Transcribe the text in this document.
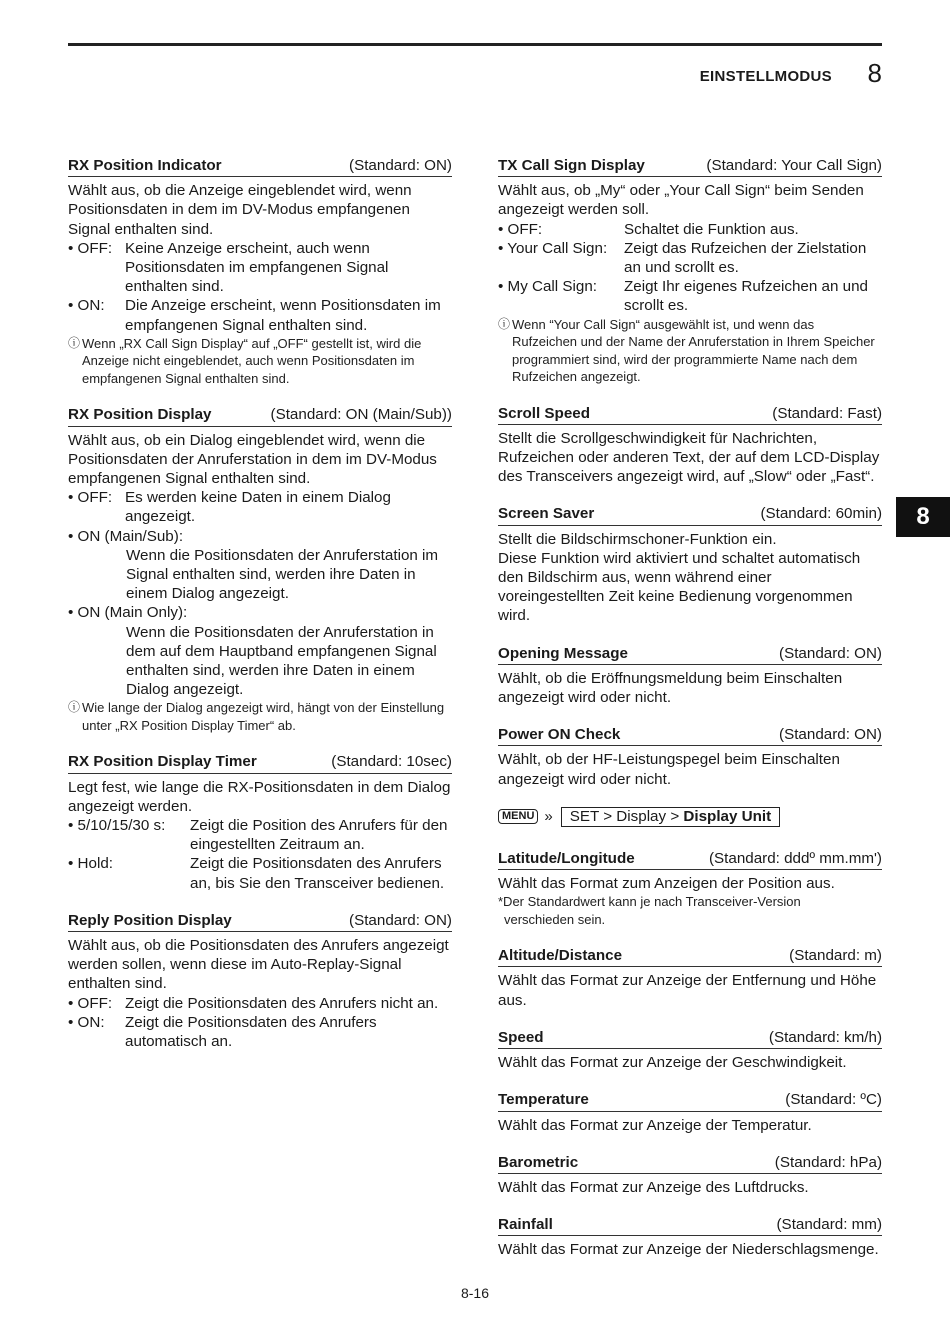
EINSTELLMODUS 8
8
RX Position Indicator	(Standard: ON)

Wählt aus, ob die Anzeige eingeblendet wird, wenn Positionsdaten in dem im DV-Modus empfangenen Signal enthalten sind.

• OFF: Keine Anzeige erscheint, auch wenn Positionsdaten im empfangenen Signal enthalten sind.
• ON:	Die Anzeige erscheint, wenn Positionsdaten im empfangenen Signal enthalten sind.
ⓘ Wenn „RX Call Sign Display“ auf „OFF“ gestellt ist, wird die Anzeige nicht eingeblendet, auch wenn Positionsdaten im empfangenen Signal enthalten sind.
RX Position Display	(Standard: ON (Main/Sub))

Wählt aus, ob ein Dialog eingeblendet wird, wenn die Positionsdaten der Anruferstation in dem im DV-Modus empfangenen Signal enthalten sind.

• OFF: Es werden keine Daten in einem Dialog angezeigt.
• ON (Main/Sub):
Wenn die Positionsdaten der Anruferstation im Signal enthalten sind, werden ihre Daten in einem Dialog angezeigt.
• ON (Main Only):
Wenn die Positionsdaten der Anruferstation in dem auf dem Hauptband empfangenen Signal enthalten sind, werden ihre Daten in einem Dialog angezeigt.
ⓘ Wie lange der Dialog angezeigt wird, hängt von der Einstellung unter „RX Position Display Timer“ ab.
RX Position Display Timer	(Standard: 10sec)

Legt fest, wie lange die RX-Positionsdaten in dem Dialog angezeigt werden.

• 5/10/15/30 s:	Zeigt die Position des Anrufers für den eingestellten Zeitraum an.
• Hold:	Zeigt die Positionsdaten des Anrufers an, bis Sie den Transceiver bedienen.
Reply Position Display	(Standard: ON)

Wählt aus, ob die Positionsdaten des Anrufers angezeigt werden sollen, wenn diese im Auto-Replay-Signal enthalten sind.

• OFF: Zeigt die Positionsdaten des Anrufers nicht an.
• ON:	Zeigt die Positionsdaten des Anrufers automatisch an.
TX Call Sign Display	(Standard: Your Call Sign)

Wählt aus, ob „My“ oder „Your Call Sign“ beim Senden angezeigt werden soll.

• OFF:	Schaltet die Funktion aus.
• Your Call Sign:	Zeigt das Rufzeichen der Zielstation an und scrollt es.
• My Call Sign:	Zeigt Ihr eigenes Rufzeichen an und scrollt es.
ⓘ Wenn “Your Call Sign“ ausgewählt ist, und wenn das Rufzeichen und der Name der Anruferstation in Ihrem Speicher programmiert sind, wird der programmierte Name nach dem Rufzeichen angezeigt.
Scroll Speed	(Standard: Fast)

Stellt die Scrollgeschwindigkeit für Nachrichten, Rufzeichen oder anderen Text, der auf dem LCD-Display des Transceivers angezeigt wird, auf „Slow“ oder „Fast“.

Screen Saver	(Standard: 60min)

Stellt die Bildschirmschoner-Funktion ein.

Diese Funktion wird aktiviert und schaltet automatisch den Bildschirm aus, wenn während einer voreingestellten Zeit keine Bedienung vorgenommen wird.

Opening Message	(Standard: ON)

Wählt, ob die Eröffnungsmeldung beim Einschalten angezeigt wird oder nicht.

Power ON Check	(Standard: ON)

Wählt, ob der HF-Leistungspegel beim Einschalten angezeigt wird oder nicht.

MENU »	SET > Display > Display Unit
Latitude/Longitude	(Standard: dddº mm.mm')

Wählt das Format zum Anzeigen der Position aus.

*Der Standardwert kann je nach Transceiver-Version
verschieden sein.
Altitude/Distance	(Standard: m)

Wählt das Format zur Anzeige der Entfernung und Höhe aus.

Speed	(Standard: km/h)

Wählt das Format zur Anzeige der Geschwindigkeit.

Temperature	(Standard: ºC)

Wählt das Format zur Anzeige der Temperatur.

Barometric	(Standard: hPa)

Wählt das Format zur Anzeige des Luftdrucks.

Rainfall	(Standard: mm)

Wählt das Format zur Anzeige der Niederschlagsmenge.

8-16
